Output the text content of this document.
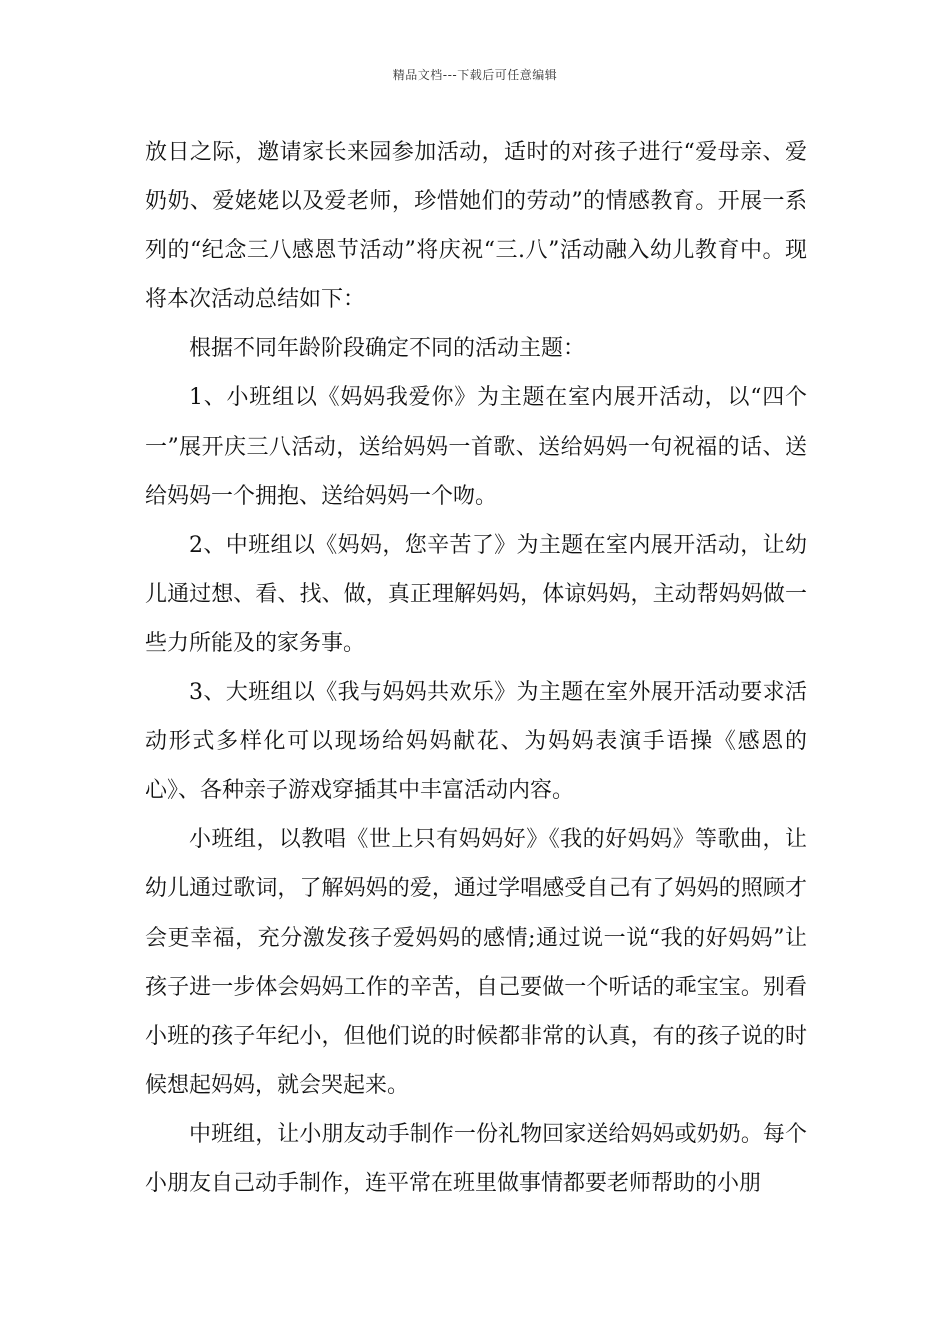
精品文档---下载后可任意编辑

放日之际，邀请家长来园参加活动，适时的对孩子进行“爱母亲、爱奶奶、爱姥姥以及爱老师，珍惜她们的劳动”的情感教育。开展一系列的“纪念三八感恩节活动”将庆祝“三.八”活动融入幼儿教育中。现将本次活动总结如下：

根据不同年龄阶段确定不同的活动主题：

1、小班组以《妈妈我爱你》为主题在室内展开活动，以“四个一”展开庆三八活动，送给妈妈一首歌、送给妈妈一句祝福的话、送给妈妈一个拥抱、送给妈妈一个吻。

2、中班组以《妈妈，您辛苦了》为主题在室内展开活动，让幼儿通过想、看、找、做，真正理解妈妈，体谅妈妈，主动帮妈妈做一些力所能及的家务事。

3、大班组以《我与妈妈共欢乐》为主题在室外展开活动要求活动形式多样化可以现场给妈妈献花、为妈妈表演手语操《感恩的心》、各种亲子游戏穿插其中丰富活动内容。

小班组，以教唱《世上只有妈妈好》《我的好妈妈》等歌曲，让幼儿通过歌词，了解妈妈的爱，通过学唱感受自己有了妈妈的照顾才会更幸福，充分激发孩子爱妈妈的感情;通过说一说“我的好妈妈”让孩子进一步体会妈妈工作的辛苦，自己要做一个听话的乖宝宝。别看小班的孩子年纪小，但他们说的时候都非常的认真，有的孩子说的时候想起妈妈，就会哭起来。

中班组，让小朋友动手制作一份礼物回家送给妈妈或奶奶。每个小朋友自己动手制作，连平常在班里做事情都要老师帮助的小朋
